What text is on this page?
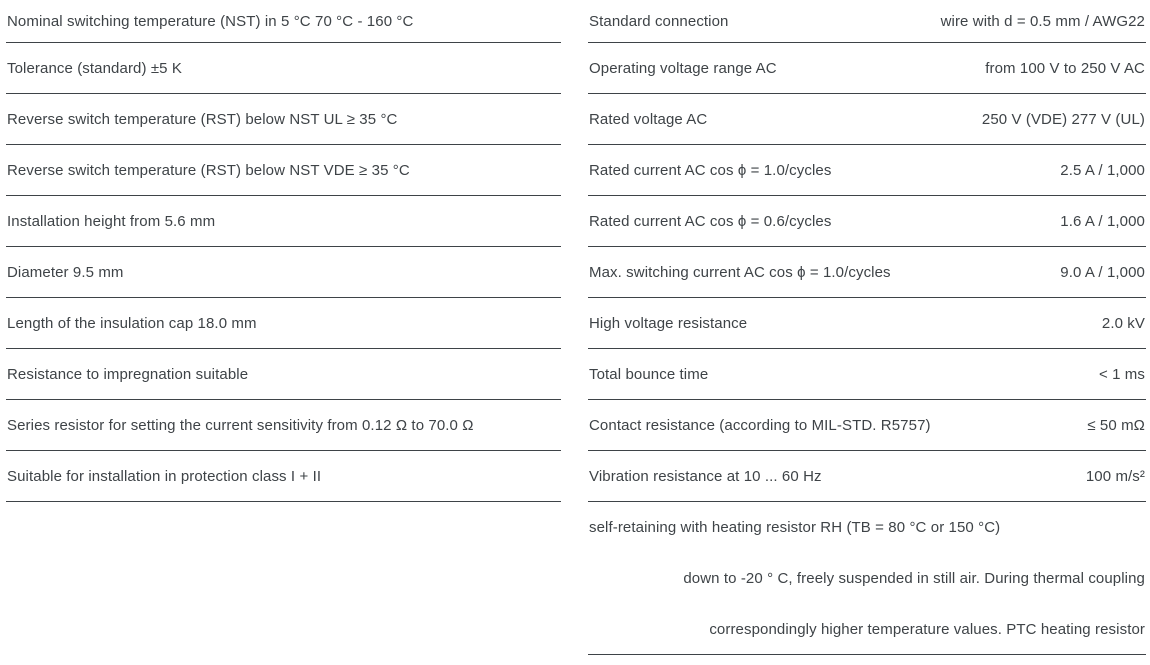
Nominal switching temperature (NST) in 5 °C 70 °C - 160 °C
Tolerance (standard) ±5 K
Reverse switch temperature (RST) below NST UL ≥ 35 °C
Reverse switch temperature (RST) below NST VDE ≥ 35 °C
Installation height from 5.6 mm
Diameter 9.5 mm
Length of the insulation cap 18.0 mm
Resistance to impregnation suitable
Series resistor for setting the current sensitivity from 0.12 Ω to 70.0 Ω
Suitable for installation in protection class I + II
Standard connection	wire with d = 0.5 mm / AWG22
Operating voltage range AC	from 100 V to 250 V AC
Rated voltage AC	250 V (VDE) 277 V (UL)
Rated current AC cos ϕ = 1.0/cycles	2.5 A / 1,000
Rated current AC cos ϕ = 0.6/cycles	1.6 A / 1,000
Max. switching current AC cos ϕ = 1.0/cycles	9.0 A / 1,000
High voltage resistance	2.0 kV
Total bounce time	< 1 ms
Contact resistance (according to MIL-STD. R5757)	≤ 50 mΩ
Vibration resistance at 10 ... 60 Hz	100 m/s²
self-retaining with heating resistor RH (TB = 80 °C or 150 °C)
down to -20 ° C, freely suspended in still air. During thermal coupling
correspondingly higher temperature values. PTC heating resistor
